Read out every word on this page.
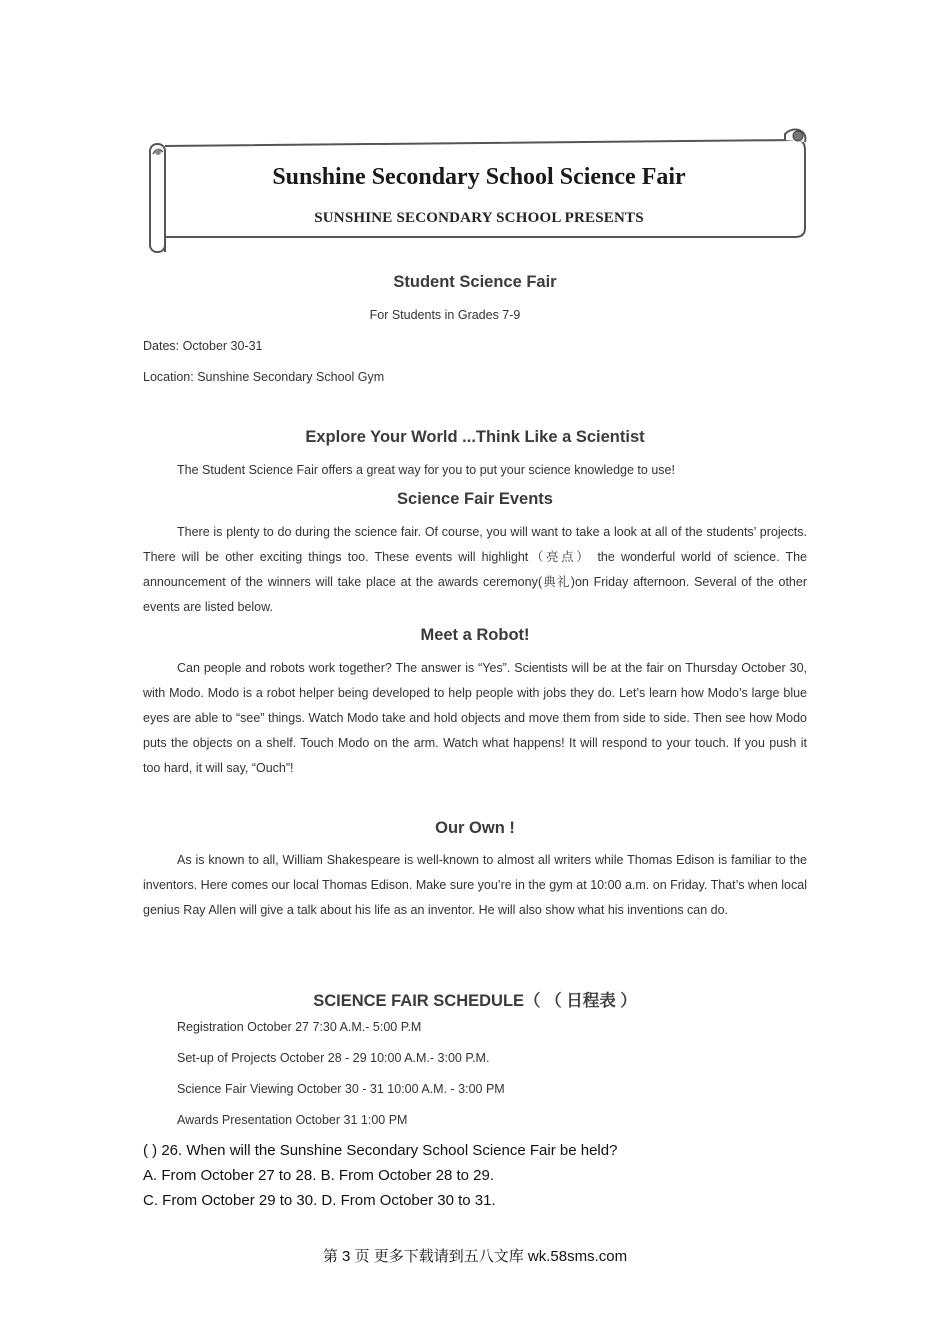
Sunshine Secondary School Science Fair
SUNSHINE SECONDARY SCHOOL PRESENTS
Student Science Fair
For Students in Grades 7-9
Dates: October 30-31
Location: Sunshine Secondary School Gym
Explore Your World ...Think Like a Scientist
The Student Science Fair offers a great way for you to put your science knowledge to use!
Science Fair Events
There is plenty to do during the science fair. Of course, you will want to take a look at all of the students’ projects. There will be other exciting things too. These events will highlight（亮点） the wonderful world of science. The announcement of the winners will take place at the awards ceremony(典礼)on Friday afternoon. Several of the other events are listed below.
Meet a Robot!
Can people and robots work together? The answer is “Yes”. Scientists will be at the fair on Thursday October 30, with Modo. Modo is a robot helper being developed to help people with jobs they do. Let’s learn how Modo’s large blue eyes are able to “see” things. Watch Modo take and hold objects and move them from side to side. Then see how Modo puts the objects on a shelf. Touch Modo on the arm. Watch what happens! It will respond to your touch. If you push it too hard, it will say, “Ouch”!
Our Own !
As is known to all, William Shakespeare is well-known to almost all writers while Thomas Edison is familiar to the inventors. Here comes our local Thomas Edison. Make sure you’re in the gym at 10:00 a.m. on Friday. That’s when local genius Ray Allen will give a talk about his life as an inventor. He will also show what his inventions can do.
SCIENCE FAIR SCHEDULE（ （ 日程表 ）
Registration October 27 7:30 A.M.- 5:00 P.M
Set-up of Projects October 28 - 29 10:00 A.M.- 3:00 P.M.
Science Fair Viewing October 30 - 31 10:00 A.M. - 3:00 PM
Awards Presentation October 31 1:00 PM
( ) 26. When will the Sunshine Secondary School Science Fair be held?
A. From October 27 to 28. B. From October 28 to 29.
C. From October 29 to 30. D. From October 30 to 31.
第 3 页 更多下载请到五八文库 wk.58sms.com
